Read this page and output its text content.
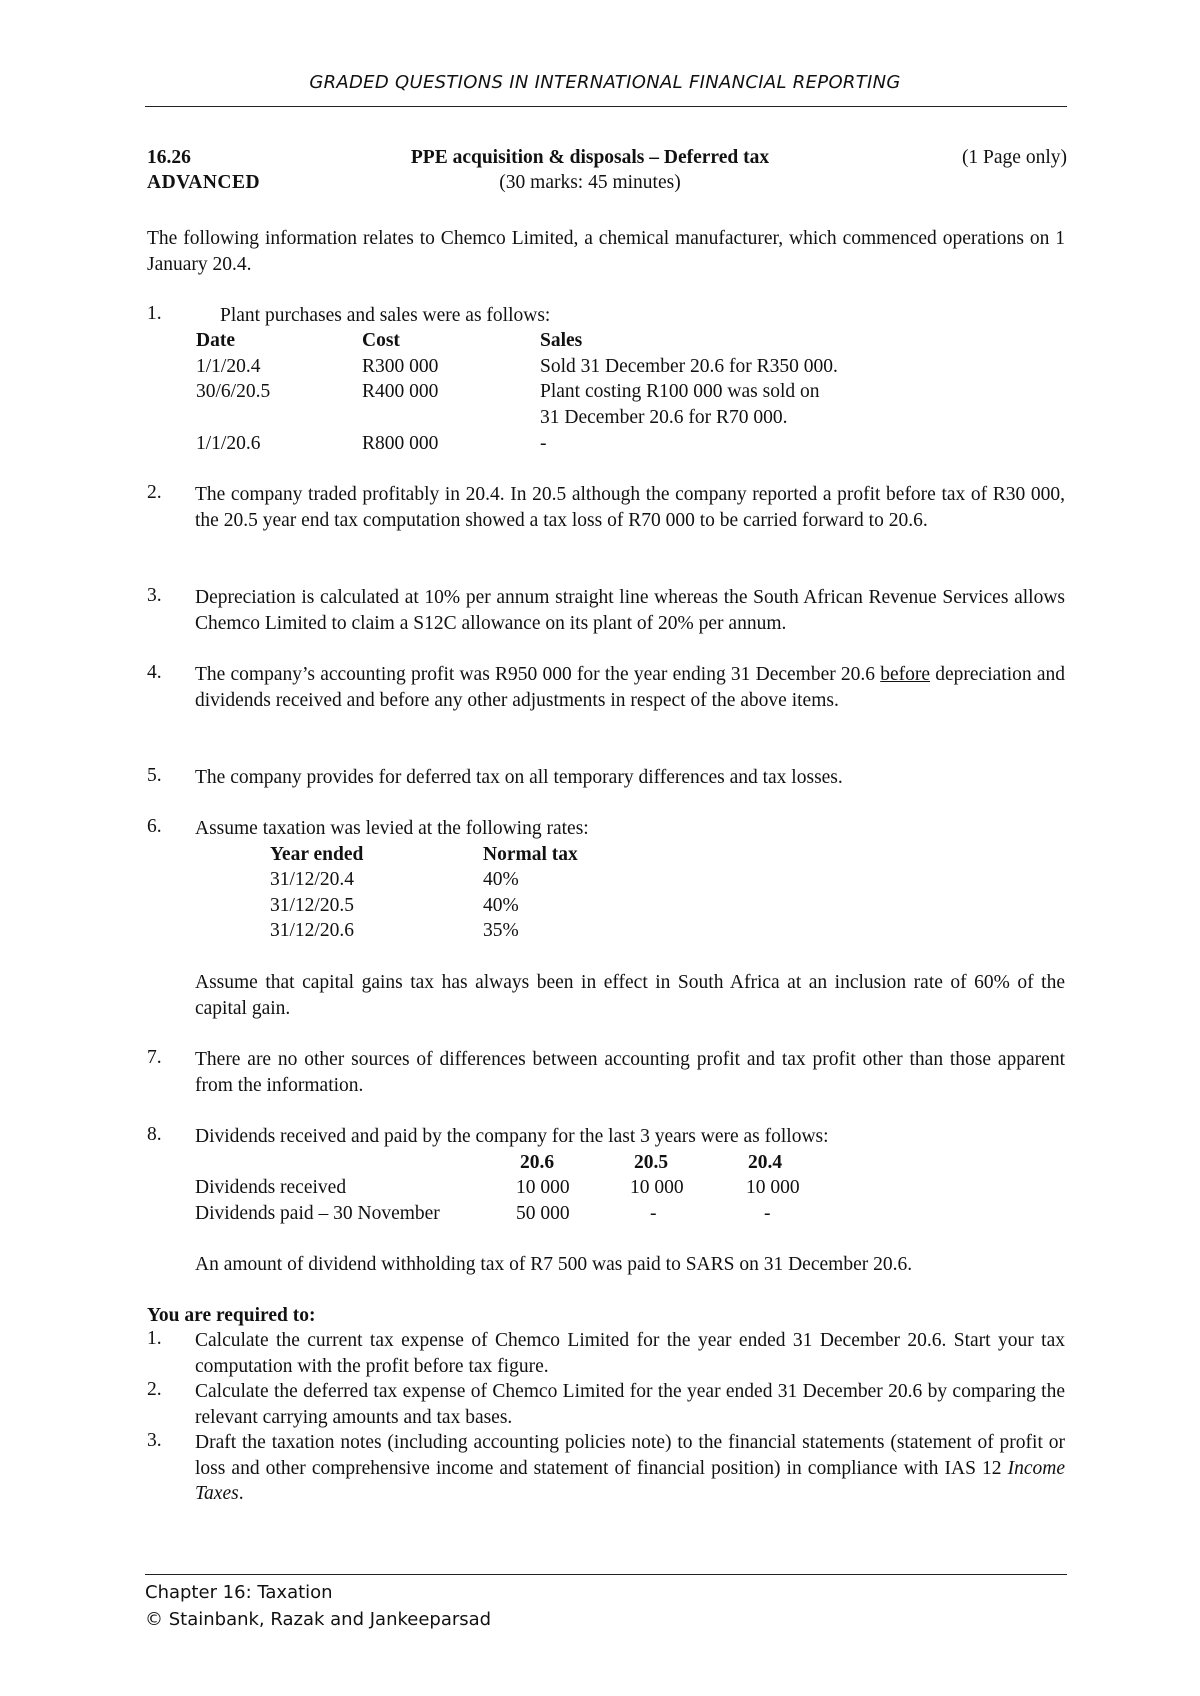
GRADED QUESTIONS IN INTERNATIONAL FINANCIAL REPORTING
16.26
ADVANCED
PPE acquisition & disposals – Deferred tax
(30 marks: 45 minutes)
(1 Page only)
The following information relates to Chemco Limited, a chemical manufacturer, which commenced operations on 1 January 20.4.
1.	Plant purchases and sales were as follows:
Date	Cost	Sales
1/1/20.4	R300 000	Sold 31 December 20.6 for R350 000.
30/6/20.5	R400 000	Plant costing R100 000 was sold on
31 December 20.6 for R70 000.
1/1/20.6	R800 000	-
2. The company traded profitably in 20.4. In 20.5 although the company reported a profit before tax of R30 000, the 20.5 year end tax computation showed a tax loss of R70 000 to be carried forward to 20.6.
3. Depreciation is calculated at 10% per annum straight line whereas the South African Revenue Services allows Chemco Limited to claim a S12C allowance on its plant of 20% per annum.
4. The company’s accounting profit was R950 000 for the year ending 31 December 20.6 before depreciation and dividends received and before any other adjustments in respect of the above items.
5. The company provides for deferred tax on all temporary differences and tax losses.
6. Assume taxation was levied at the following rates:
Year ended	Normal tax
31/12/20.4	40%
31/12/20.5	40%
31/12/20.6	35%
Assume that capital gains tax has always been in effect in South Africa at an inclusion rate of 60% of the capital gain.
7. There are no other sources of differences between accounting profit and tax profit other than those apparent from the information.
8. Dividends received and paid by the company for the last 3 years were as follows:
20.6	20.5	20.4
Dividends received	10 000	10 000	10 000
Dividends paid – 30 November	50 000	-	-
An amount of dividend withholding tax of R7 500 was paid to SARS on 31 December 20.6.
You are required to:
1. Calculate the current tax expense of Chemco Limited for the year ended 31 December 20.6. Start your tax computation with the profit before tax figure.
2. Calculate the deferred tax expense of Chemco Limited for the year ended 31 December 20.6 by comparing the relevant carrying amounts and tax bases.
3. Draft the taxation notes (including accounting policies note) to the financial statements (statement of profit or loss and other comprehensive income and statement of financial position) in compliance with IAS 12 Income Taxes.
Chapter 16: Taxation
© Stainbank, Razak and Jankeeparsad
